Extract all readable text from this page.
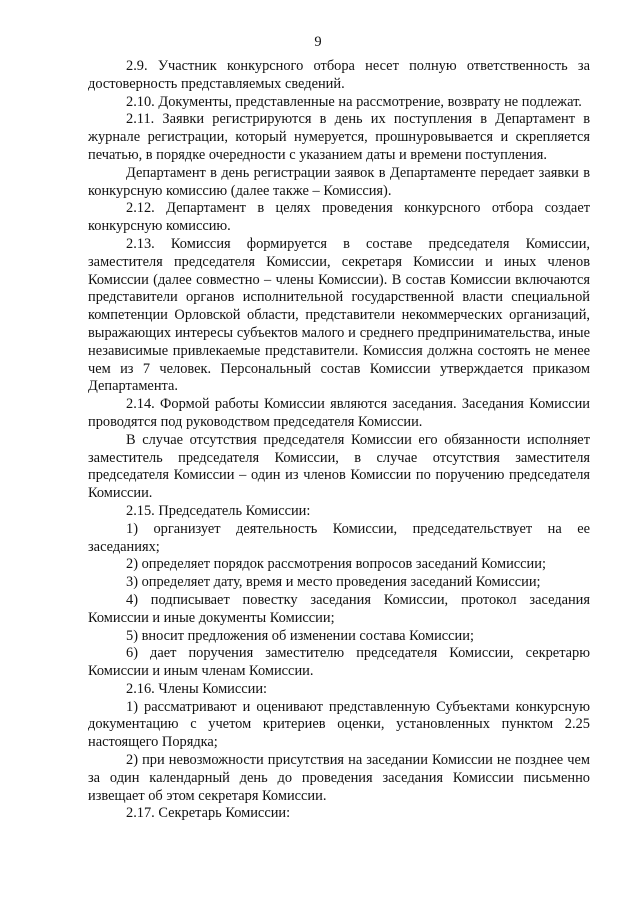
9

2.9. Участник конкурсного отбора несет полную ответственность за достоверность представляемых сведений.

2.10. Документы, представленные на рассмотрение, возврату не подлежат.

2.11. Заявки регистрируются в день их поступления в Департамент в журнале регистрации, который нумеруется, прошнуровывается и скрепляется печатью, в порядке очередности с указанием даты и времени поступления.

Департамент в день регистрации заявок в Департаменте передает заявки в конкурсную комиссию (далее также – Комиссия).

2.12. Департамент в целях проведения конкурсного отбора создает конкурсную комиссию.

2.13. Комиссия формируется в составе председателя Комиссии, заместителя председателя Комиссии, секретаря Комиссии и иных членов Комиссии (далее совместно – члены Комиссии). В состав Комиссии включаются представители органов исполнительной государственной власти специальной компетенции Орловской области, представители некоммерческих организаций, выражающих интересы субъектов малого и среднего предпринимательства, иные независимые привлекаемые представители. Комиссия должна состоять не менее чем из 7 человек. Персональный состав Комиссии утверждается приказом Департамента.

2.14. Формой работы Комиссии являются заседания. Заседания Комиссии проводятся под руководством председателя Комиссии.

В случае отсутствия председателя Комиссии его обязанности исполняет заместитель председателя Комиссии, в случае отсутствия заместителя председателя Комиссии – один из членов Комиссии по поручению председателя Комиссии.

2.15. Председатель Комиссии:

1) организует деятельность Комиссии, председательствует на ее заседаниях;

2) определяет порядок рассмотрения вопросов заседаний Комиссии;

3) определяет дату, время и место проведения заседаний Комиссии;

4) подписывает повестку заседания Комиссии, протокол заседания Комиссии и иные документы Комиссии;

5) вносит предложения об изменении состава Комиссии;

6) дает поручения заместителю председателя Комиссии, секретарю Комиссии и иным членам Комиссии.

2.16. Члены Комиссии:

1) рассматривают и оценивают представленную Субъектами конкурсную документацию с учетом критериев оценки, установленных пунктом 2.25 настоящего Порядка;

2) при невозможности присутствия на заседании Комиссии не позднее чем за один календарный день до проведения заседания Комиссии письменно извещает об этом секретаря Комиссии.

2.17. Секретарь Комиссии:
